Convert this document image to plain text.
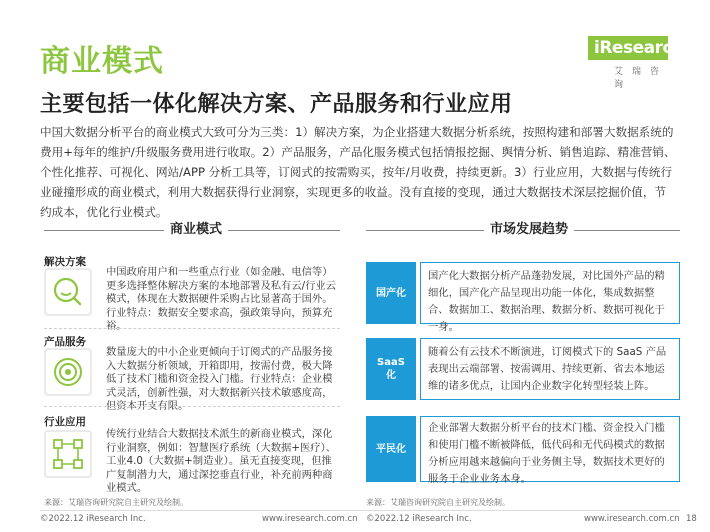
商业模式	iResearch
艾瑞咨询
主要包括一体化解决方案、产品服务和行业应用
中国大数据分析平台的商业模式大致可分为三类：1）解决方案，为企业搭建大数据分析系统，按照构建和部署大数据系统的费用+每年的维护/升级服务费用进行收取。2）产品服务，产品化服务模式包括情报挖掘、舆情分析、销售追踪、精准营销、个性化推荐、可视化、网站/APP 分析工具等，订阅式的按需购买，按年/月收费，持续更新。3）行业应用，大数据与传统行业碰撞形成的商业模式，利用大数据获得行业洞察，实现更多的收益。没有直接的变现，通过大数据技术深层挖掘价值，节约成本，优化行业模式。
商业模式	市场发展趋势
解决方案
中国政府用户和一些重点行业（如金融、电信等）更多选择整体解决方案的本地部署及私有云/行业云模式，体现在大数据硬件采购占比显著高于国外。行业特点：数据安全要求高，强政策导向，预算充裕。
产品服务
数量庞大的中小企业更倾向于订阅式的产品服务接入大数据分析领域，开箱即用，按需付费，极大降低了技术门槛和资金投入门槛。行业特点：企业模式灵活，创新性强，对大数据新兴技术敏感度高，但资本开支有限。
行业应用
传统行业结合大数据技术派生的新商业模式，深化行业洞察，例如：智慧医疗系统（大数据+医疗）、工业4.0（大数据+制造业）。虽无直接变现，但推广复制潜力大，通过深挖垂直行业，补充前两种商业模式。
国产化
国产化大数据分析产品蓬勃发展，对比国外产品的精细化，国产化产品呈现出功能一体化，集成数据整合、数据加工、数据治理、数据分析、数据可视化于一身。
SaaS化
随着公有云技术不断演进，订阅模式下的 SaaS 产品表现出云端部署、按需调用、持续更新、省去本地运维的诸多优点，让国内企业数字化转型轻装上阵。
平民化
企业部署大数据分析平台的技术门槛、资金投入门槛和使用门槛不断被降低，低代码和无代码模式的数据分析应用越来越偏向于业务侧主导，数据技术更好的服务于企业业务本身。
来源：艾瑞咨询研究院自主研究及绘制。	来源：艾瑞咨询研究院自主研究及绘制。
©2022.12 iResearch Inc.	www.iresearch.com.cn ©2022.12 iResearch Inc.	www.iresearch.com.cn 18
